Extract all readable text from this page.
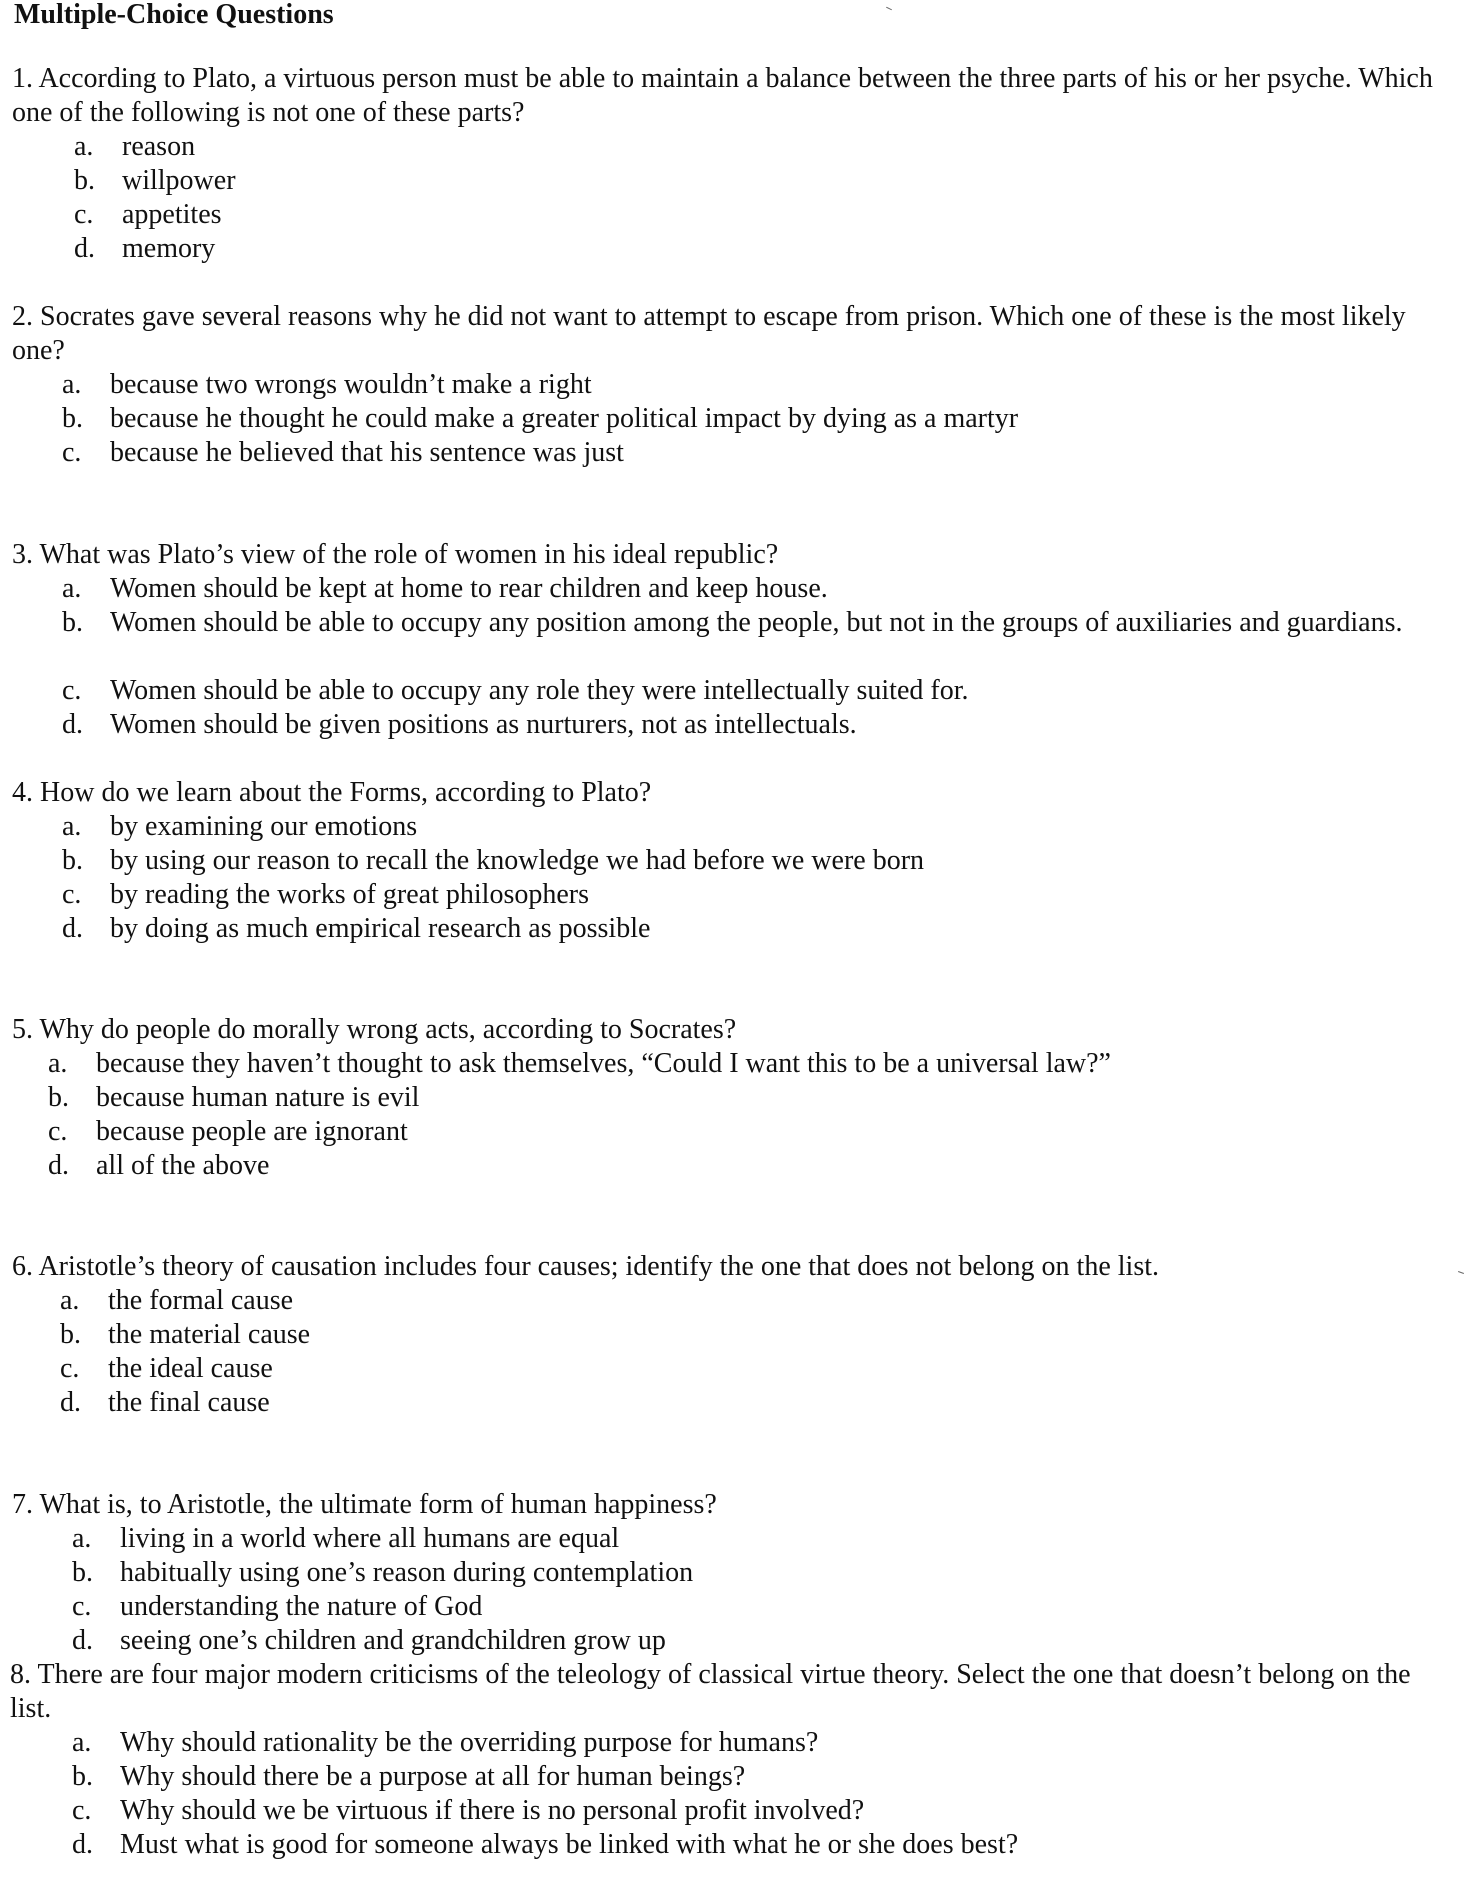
Multiple-Choice Questions
1. According to Plato, a virtuous person must be able to maintain a balance between the three parts of his or her psyche. Which one of the following is not one of these parts?
a. reason
b. willpower
c. appetites
d. memory
2. Socrates gave several reasons why he did not want to attempt to escape from prison. Which one of these is the most likely one?
a. because two wrongs wouldn’t make a right
b. because he thought he could make a greater political impact by dying as a martyr
c. because he believed that his sentence was just
3. What was Plato’s view of the role of women in his ideal republic?
a. Women should be kept at home to rear children and keep house.
b. Women should be able to occupy any position among the people, but not in the groups of auxiliaries and guardians.
c. Women should be able to occupy any role they were intellectually suited for.
d. Women should be given positions as nurturers, not as intellectuals.
4. How do we learn about the Forms, according to Plato?
a. by examining our emotions
b. by using our reason to recall the knowledge we had before we were born
c. by reading the works of great philosophers
d. by doing as much empirical research as possible
5. Why do people do morally wrong acts, according to Socrates?
a. because they haven’t thought to ask themselves, “Could I want this to be a universal law?”
b. because human nature is evil
c. because people are ignorant
d. all of the above
6. Aristotle’s theory of causation includes four causes; identify the one that does not belong on the list.
a. the formal cause
b. the material cause
c. the ideal cause
d. the final cause
7. What is, to Aristotle, the ultimate form of human happiness?
a. living in a world where all humans are equal
b. habitually using one’s reason during contemplation
c. understanding the nature of God
d. seeing one’s children and grandchildren grow up
8. There are four major modern criticisms of the teleology of classical virtue theory. Select the one that doesn’t belong on the list.
a. Why should rationality be the overriding purpose for humans?
b. Why should there be a purpose at all for human beings?
c. Why should we be virtuous if there is no personal profit involved?
d. Must what is good for someone always be linked with what he or she does best?
